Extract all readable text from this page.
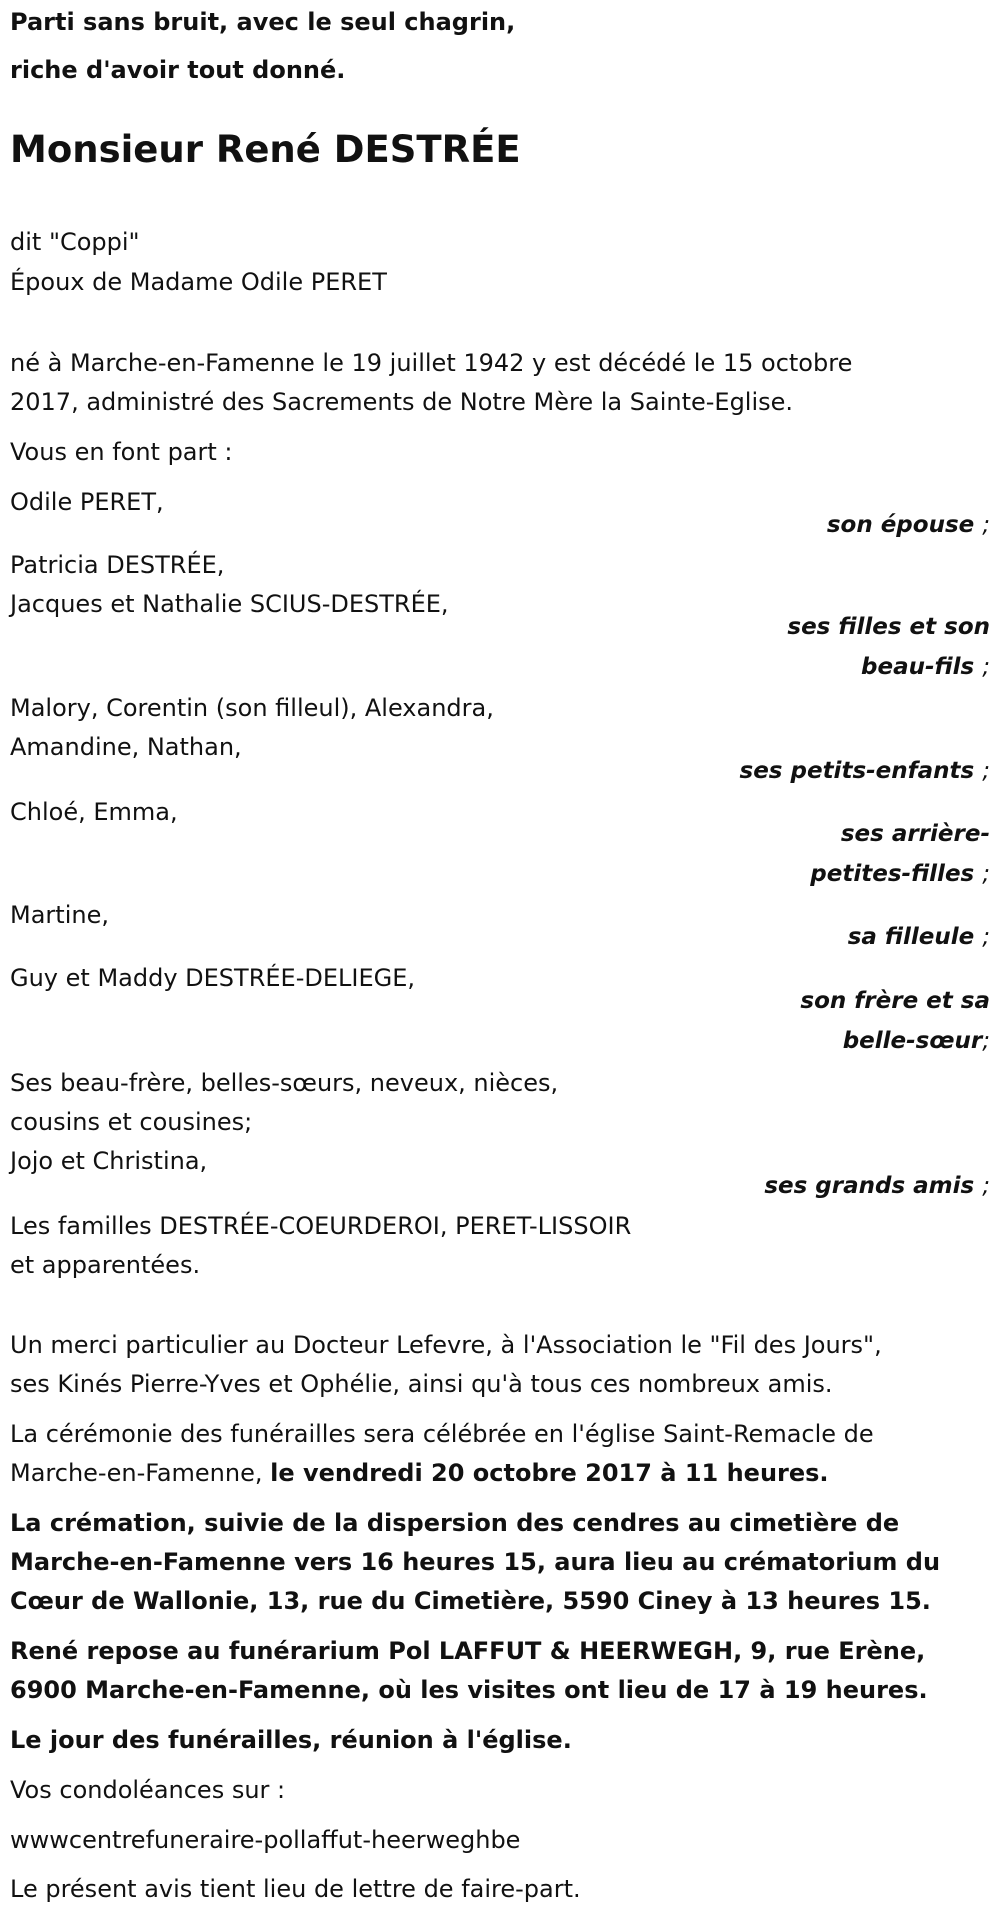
Parti sans bruit, avec le seul chagrin,
riche d'avoir tout donné.
Monsieur René DESTRÉE
dit "Coppi"
Époux de Madame Odile PERET
né à Marche-en-Famenne le 19 juillet 1942 y est décédé le 15 octobre
2017, administré des Sacrements de Notre Mère la Sainte-Eglise.
Vous en font part :
Odile PERET,
son épouse ;
Patricia DESTRÉE,
Jacques et Nathalie SCIUS-DESTRÉE,
ses filles et son
beau-fils ;
Malory, Corentin (son filleul), Alexandra,
Amandine, Nathan,
ses petits-enfants ;
Chloé, Emma,
ses arrière-
petites-filles ;
Martine,
sa filleule ;
Guy et Maddy DESTRÉE-DELIEGE,
son frère et sa
belle-sœur;
Ses beau-frère, belles-sœurs, neveux, nièces,
cousins et cousines;
Jojo et Christina,
ses grands amis ;
Les familles DESTRÉE-COEURDEROI, PERET-LISSOIR
et apparentées.
Un merci particulier au Docteur Lefevre, à l'Association le "Fil des Jours",
ses Kinés Pierre-Yves et Ophélie, ainsi qu'à tous ces nombreux amis.
La cérémonie des funérailles sera célébrée en l'église Saint-Remacle de
Marche-en-Famenne, le vendredi 20 octobre 2017 à 11 heures.
La crémation, suivie de la dispersion des cendres au cimetière de
Marche-en-Famenne vers 16 heures 15, aura lieu au crématorium du
Cœur de Wallonie, 13, rue du Cimetière, 5590 Ciney à 13 heures 15.
René repose au funérarium Pol LAFFUT & HEERWEGH, 9, rue Erène,
6900 Marche-en-Famenne, où les visites ont lieu de 17 à 19 heures.
Le jour des funérailles, réunion à l'église.
Vos condoléances sur :
wwwcentrefuneraire-pollaffut-heerweghbe
Le présent avis tient lieu de lettre de faire-part.
